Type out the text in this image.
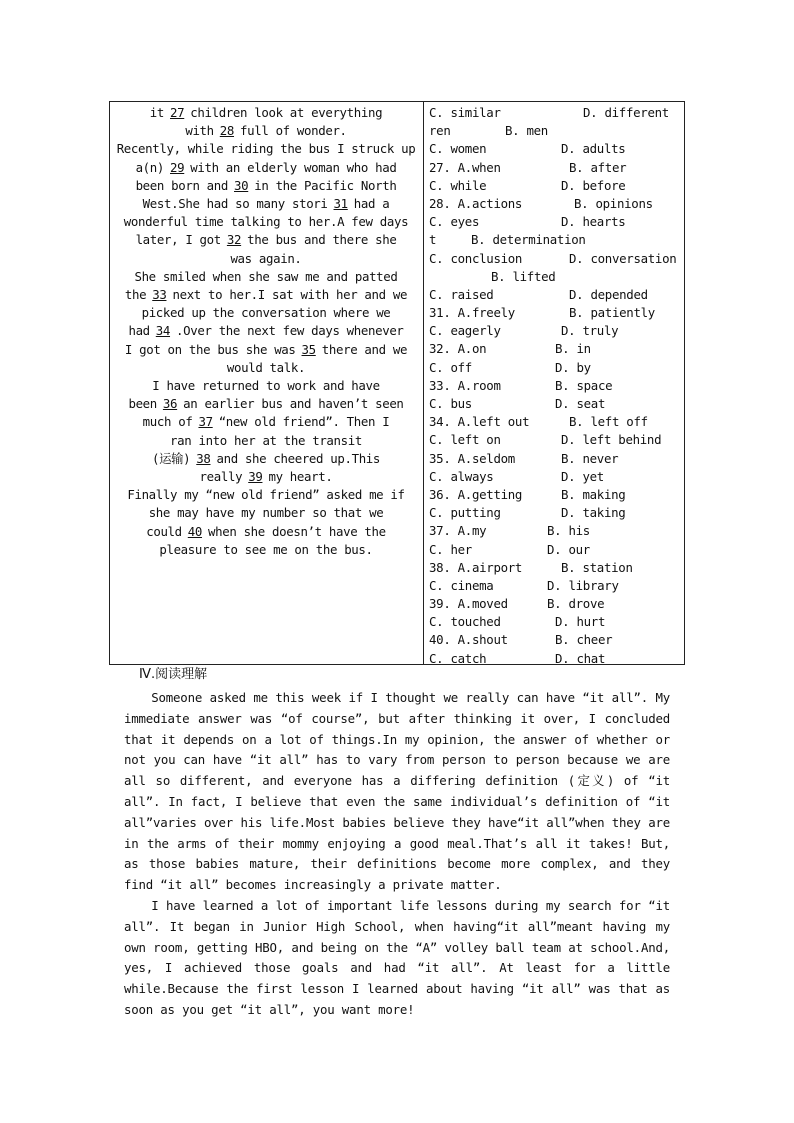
it 27 children look at everything
with 28 full of wonder.
Recently, while riding the bus I struck up
a(n) 29 with an elderly woman who had
been born and 30 in the Pacific North
West.She had so many stori 31 had a
wonderful time talking to her.A few days
later, I got 32 the bus and there she
was again.
She smiled when she saw me and patted
the 33 next to her.I sat with her and we
picked up the conversation where we
had 34 .Over the next few days whenever
I got on the bus she was 35 there and we
would talk.
I have returned to work and have
been 36 an earlier bus and haven’t seen
much of 37 “new old friend”. Then I
ran into her at the transit
(运输) 38 and she cheered up.This
really 39 my heart.
Finally my “new old friend” asked me if
she may have my number so that we
could 40 when she doesn’t have the
pleasure to see me on the bus.
C. similar	D. different
ren	B. men
C. women	D. adults
27. A.when	B. after
C. while	D. before
28. A.actions	B. opinions
C. eyes	D. hearts
t	B. determination
C. conclusion	D. conversation
B. lifted
C. raised	D. depended
31. A.freely	B. patiently
C. eagerly	D. truly
32. A.on	B. in
C. off	D. by
33. A.room	B. space
C. bus	D. seat
34. A.left out	B. left off
C. left on	D. left behind
35. A.seldom	B. never
C. always	D. yet
36. A.getting	B. making
C. putting	D. taking
37. A.my	B. his
C. her	D. our
38. A.airport	B. station
C. cinema	D. library
39. A.moved	B. drove
C. touched	D. hurt
40. A.shout	B. cheer
C. catch	D. chat
Ⅳ.阅读理解

Someone asked me this week if I thought we really can have “it all”. My immediate answer was “of course”, but after thinking it over, I concluded that it depends on a lot of things.In my opinion, the answer of whether or not you can have “it all” has to vary from person to person because we are all so different, and everyone has a differing definition (定义) of “it all”. In fact, I believe that even the same individual’s definition of “it all”varies over his life.Most babies believe they have“it all”when they are in the arms of their mommy enjoying a good meal.That’s all it takes! But, as those babies mature, their definitions become more complex, and they find “it all” becomes increasingly a private matter.

I have learned a lot of important life lessons during my search for “it all”. It began in Junior High School, when having“it all”meant having my own room, getting HBO, and being on the “A” volley ball team at school.And, yes, I achieved those goals and had “it all”. At least for a little while.Because the first lesson I learned about having “it all” was that as soon as you get “it all”, you want more!
